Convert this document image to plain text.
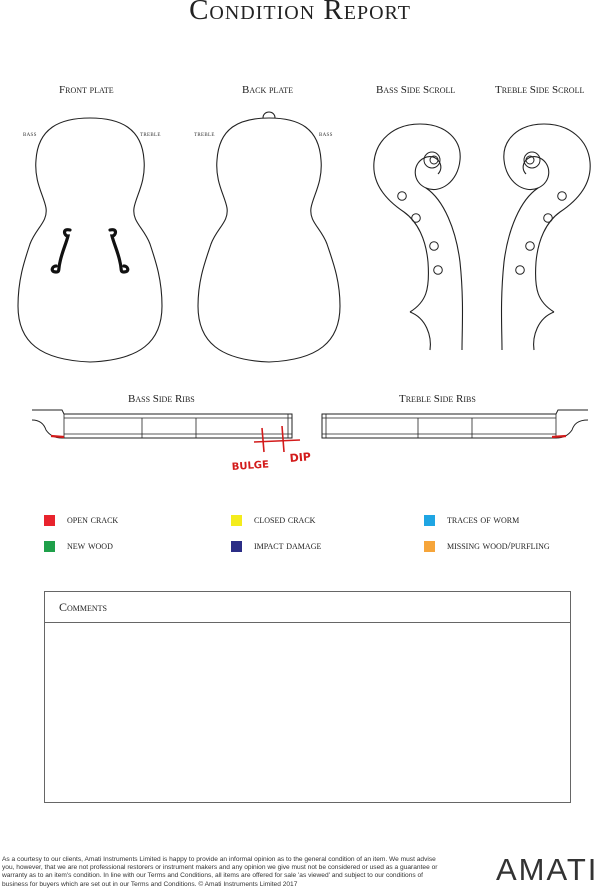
Condition Report
Front plate	Back plate	Bass Side Scroll	Treble Side Scroll
bass	treble	treble	bass
Bass Side Ribs	Treble Side Ribs
BULGE
DIP
open crack	closed crack	traces of worm
new wood	impact damage	missing wood/purfling
Comments
As a courtesy to our clients, Amati Instruments Limited is happy to provide an informal opinion as to the general condition of an item. We must advise you, however, that we are not professional restorers or instrument makers and any opinion we give must not be considered or used as a guarantee or warranty as to an item's condition. In line with our Terms and Conditions, all items are offered for sale 'as viewed' and subject to our conditions of business for buyers which are set out in our Terms and Conditions. © Amati Instruments Limited 2017	AMATI
